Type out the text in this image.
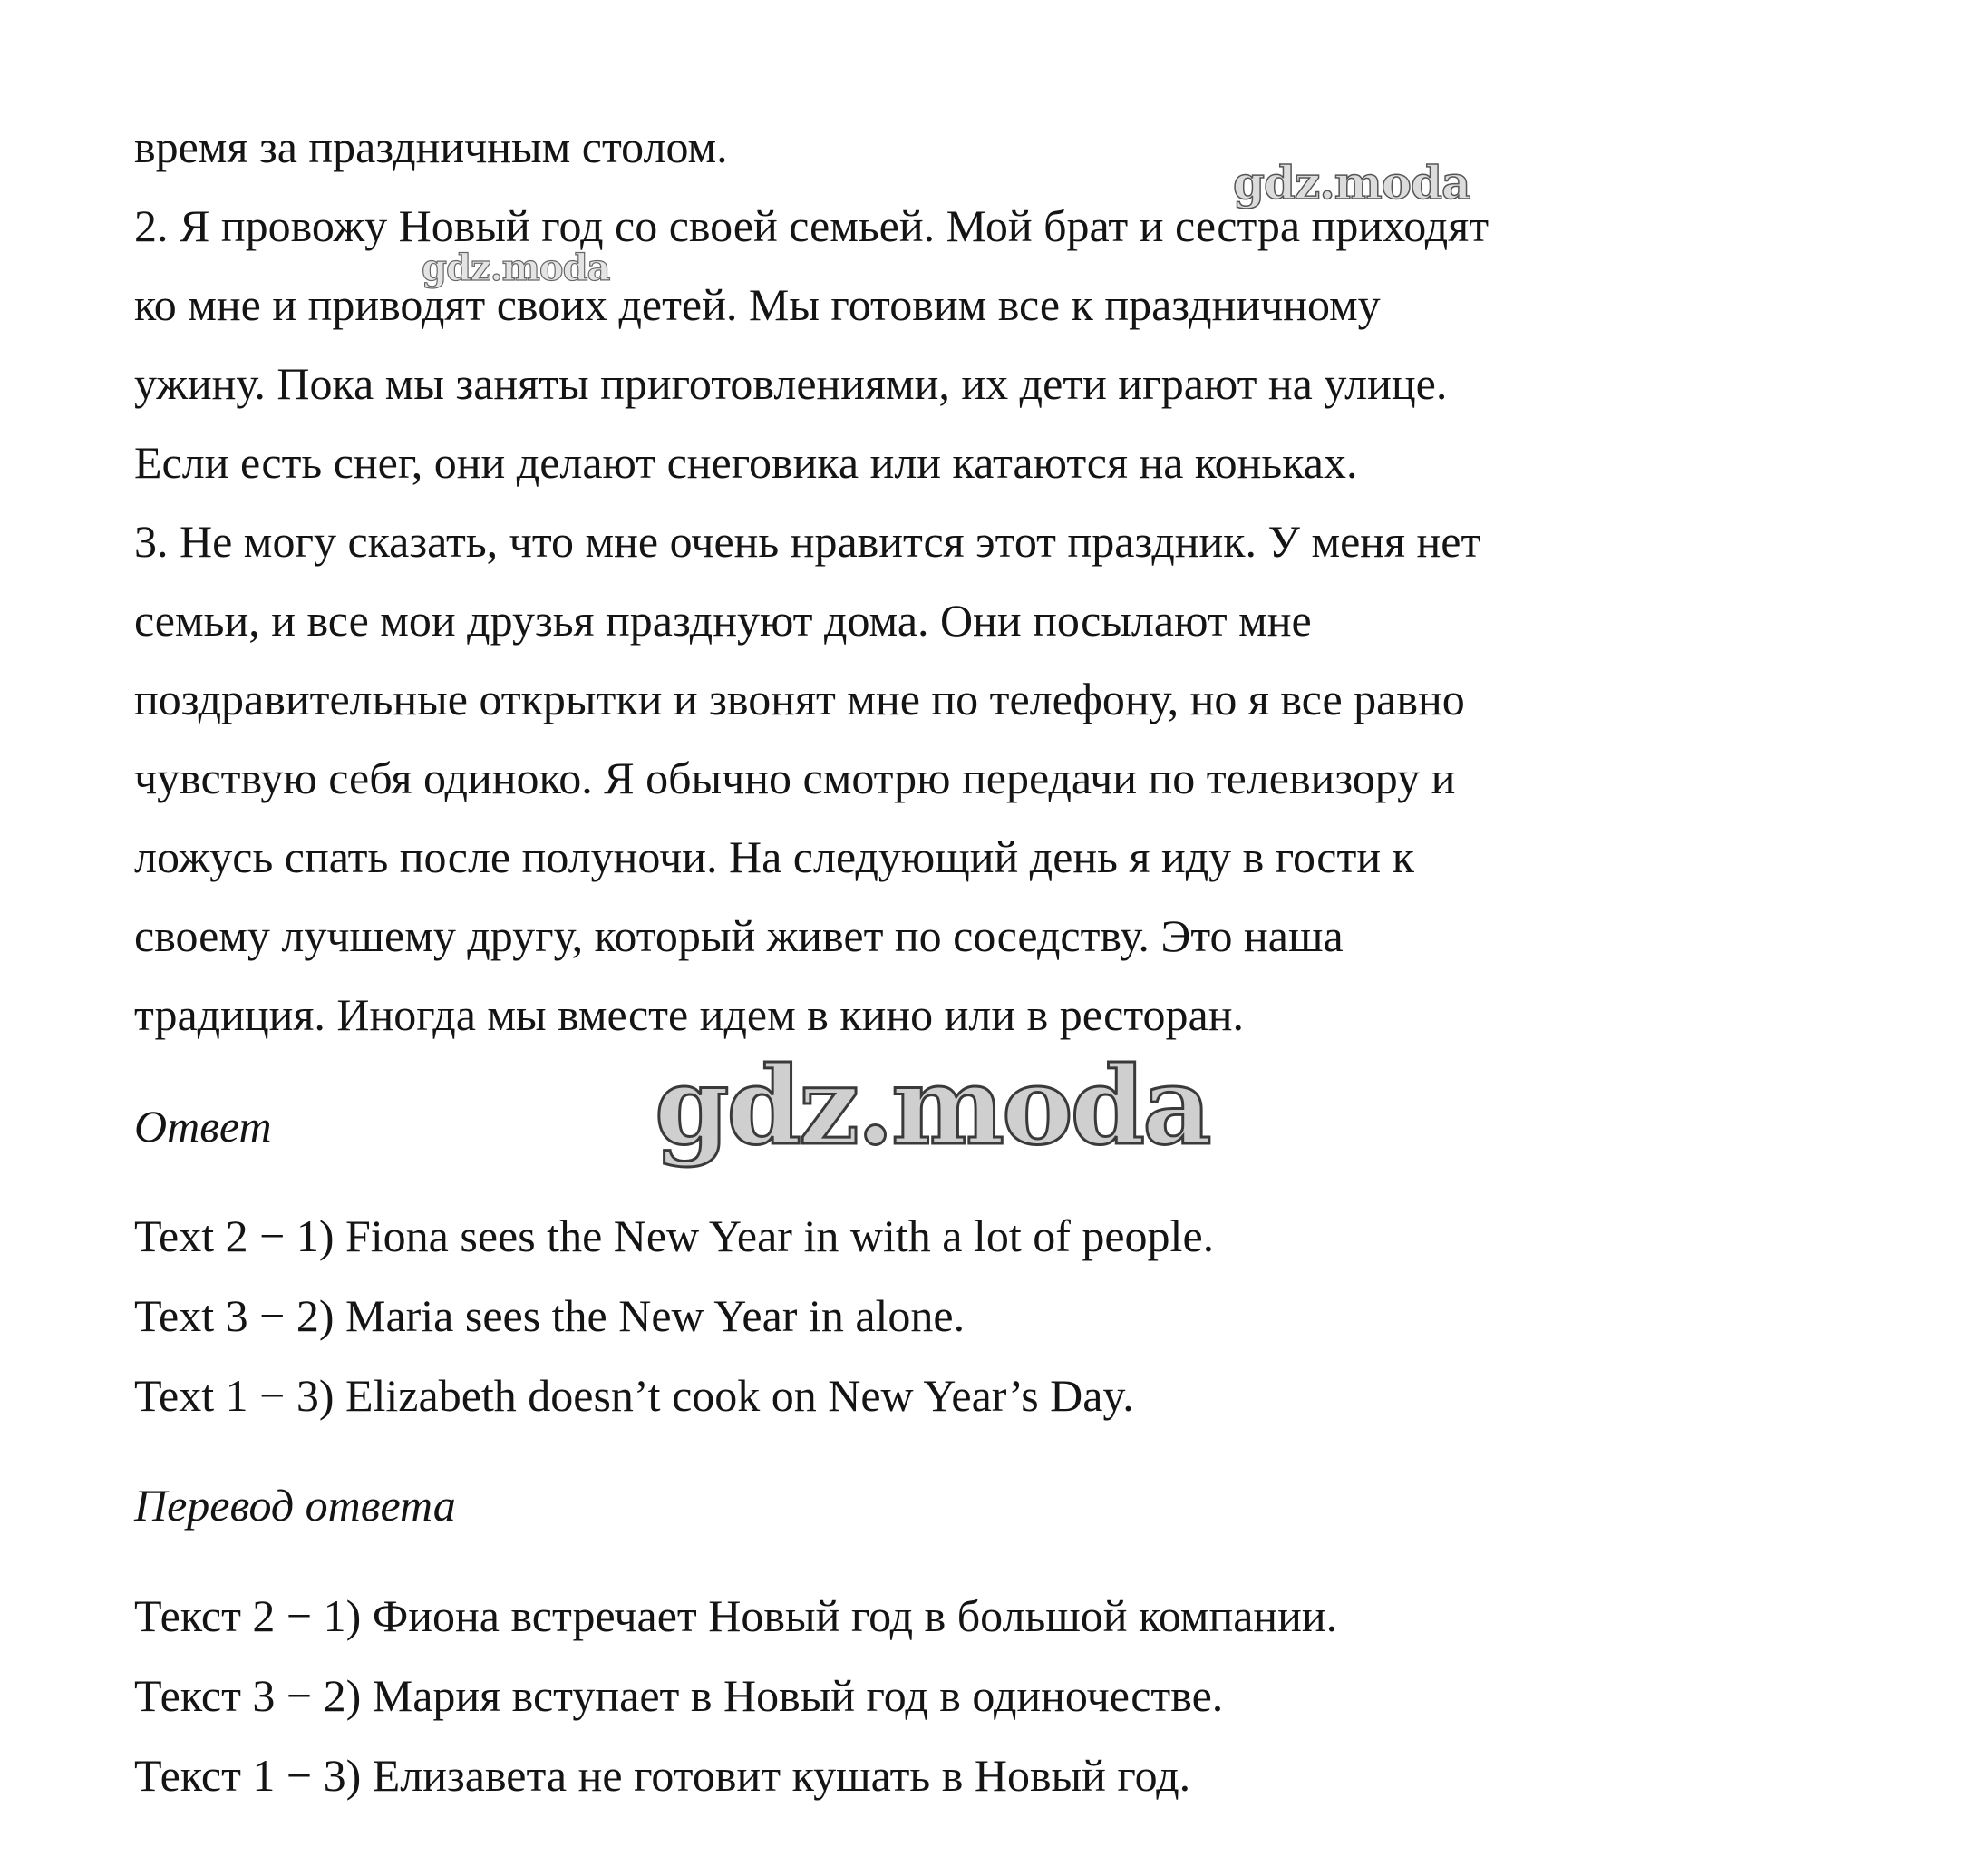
время за праздничным столом.
2. Я провожу Новый год со своей семьей. Мой брат и сестра приходят
ко мне и приводят своих детей. Мы готовим все к праздничному
ужину. Пока мы заняты приготовлениями, их дети играют на улице.
Если есть снег, они делают снеговика или катаются на коньках.
3. Не могу сказать, что мне очень нравится этот праздник. У меня нет
семьи, и все мои друзья празднуют дома. Они посылают мне
поздравительные открытки и звонят мне по телефону, но я все равно
чувствую себя одиноко. Я обычно смотрю передачи по телевизору и
ложусь спать после полуночи. На следующий день я иду в гости к
своему лучшему другу, который живет по соседству. Это наша
традиция. Иногда мы вместе идем в кино или в ресторан.
Ответ
Text 2 − 1) Fiona sees the New Year in with a lot of people.
Text 3 − 2) Maria sees the New Year in alone.
Text 1 − 3) Elizabeth doesn’t cook on New Year’s Day.
Перевод ответа
Текст 2 − 1) Фиона встречает Новый год в большой компании.
Текст 3 − 2) Мария вступает в Новый год в одиночестве.
Текст 1 − 3) Елизавета не готовит кушать в Новый год.
gdz.moda
gdz.moda
gdz.moda
